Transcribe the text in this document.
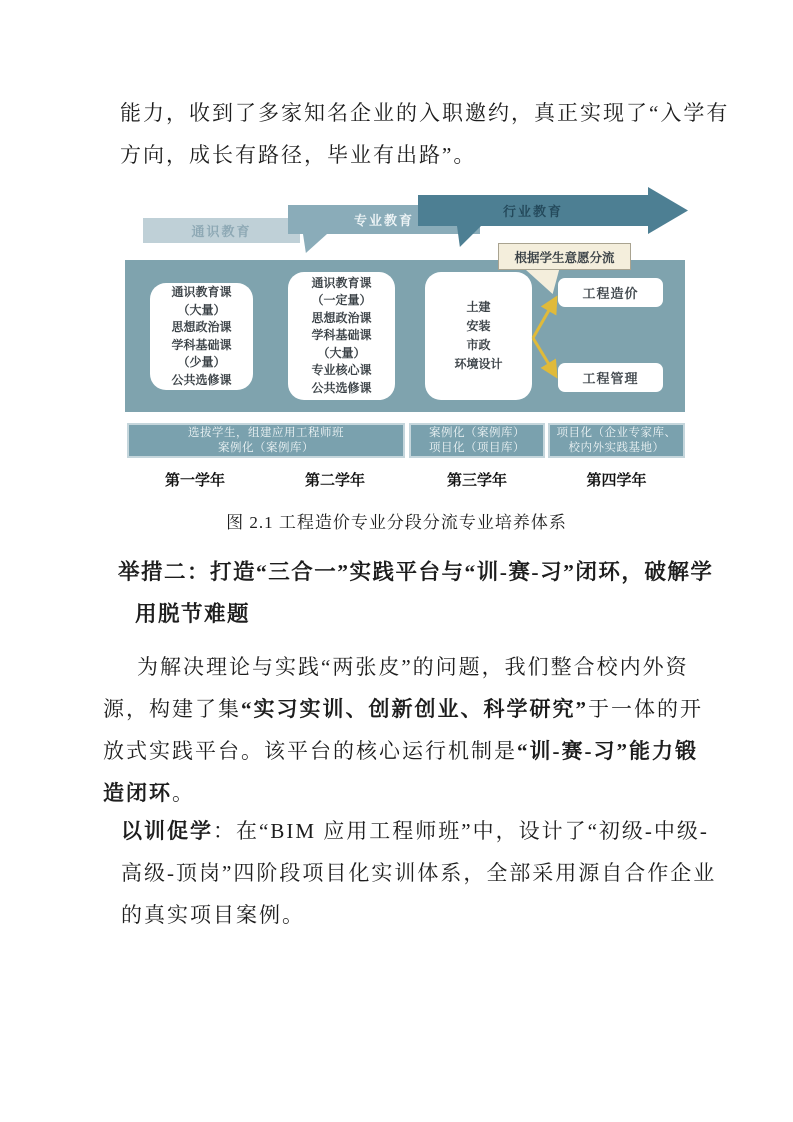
能力，收到了多家知名企业的入职邀约，真正实现了“入学有
方向，成长有路径，毕业有出路”。
通识教育
专业教育
行业教育
通识教育课
（大量）
思想政治课
学科基础课
（少量）
公共选修课
通识教育课
（一定量）
思想政治课
学科基础课
（大量）
专业核心课
公共选修课
土建
安装
市政
环境设计
根据学生意愿分流
工程造价
工程管理
选拔学生，组建应用工程师班
案例化（案例库）
案例化（案例库）
项目化（项目库）
项目化（企业专家库、
校内外实践基地）
第一学年	第二学年	第三学年	第四学年
图 2.1 工程造价专业分段分流专业培养体系
举措二：打造“三合一”实践平台与“训-赛-习”闭环，破解学
用脱节难题
为解决理论与实践“两张皮”的问题，我们整合校内外资
源，构建了集“实习实训、创新创业、科学研究”于一体的开
放式实践平台。该平台的核心运行机制是“训-赛-习”能力锻
造闭环。
以训促学：在“BIM 应用工程师班”中，设计了“初级-中级-
高级-顶岗”四阶段项目化实训体系，全部采用源自合作企业
的真实项目案例。
